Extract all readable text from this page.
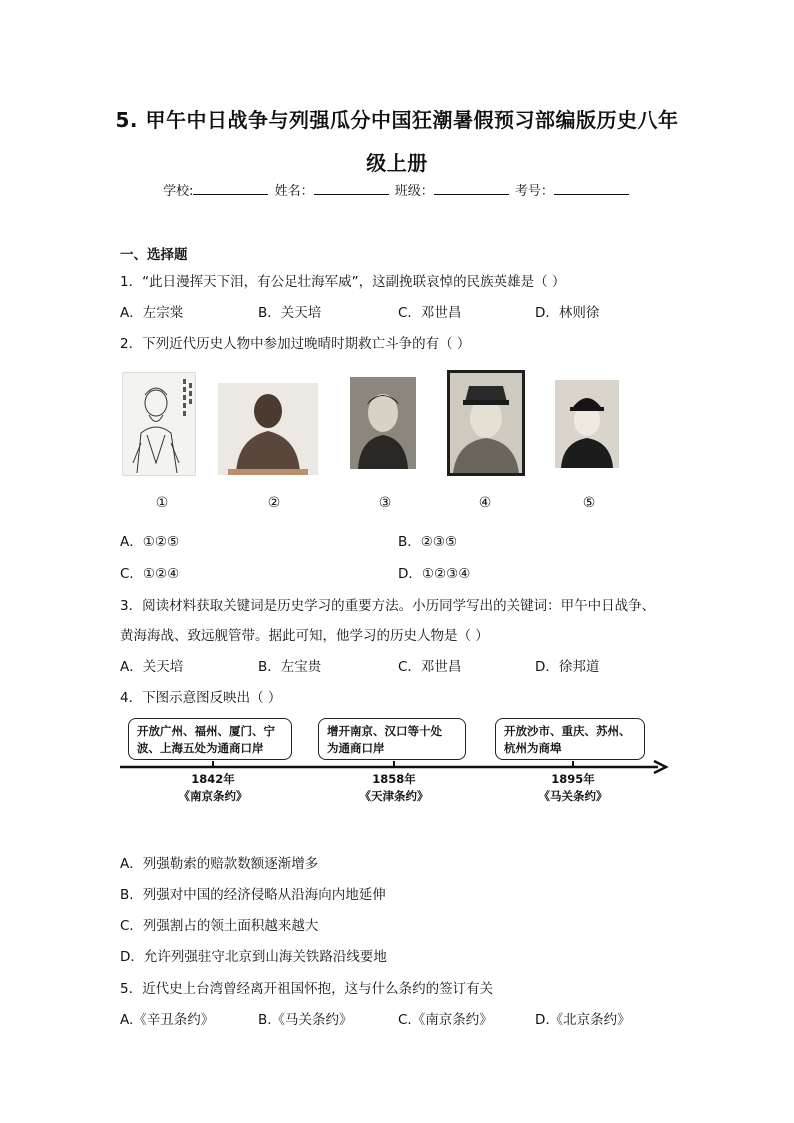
5. 甲午中日战争与列强瓜分中国狂潮暑假预习部编版历史八年
级上册
学校:	姓名：	班级：	考号：
一、选择题
1．“此日漫挥天下泪，有公足壮海军威”，这副挽联哀悼的民族英雄是（ ）
A．左宗棠	B．关天培	C．邓世昌	D．林则徐
2．下列近代历史人物中参加过晚晴时期救亡斗争的有（ ）
①	②	③	④	⑤
A．①②⑤	B．②③⑤
C．①②④	D．①②③④
3．阅读材料获取关键词是历史学习的重要方法。小历同学写出的关键词：甲午中日战争、
黄海海战、致远舰管带。据此可知，他学习的历史人物是（ ）
A．关天培	B．左宝贵	C．邓世昌	D．徐邦道
4．下图示意图反映出（ ）
开放广州、福州、厦门、宁
波、上海五处为通商口岸
增开南京、汉口等十处
为通商口岸
开放沙市、重庆、苏州、
杭州为商埠
1842年
《南京条约》
1858年
《天津条约》
1895年
《马关条约》
A．列强勒索的赔款数额逐渐增多
B．列强对中国的经济侵略从沿海向内地延伸
C．列强割占的领土面积越来越大
D．允许列强驻守北京到山海关铁路沿线要地
5．近代史上台湾曾经离开祖国怀抱，这与什么条约的签订有关
A.《辛丑条约》	B.《马关条约》	C.《南京条约》	D.《北京条约》
